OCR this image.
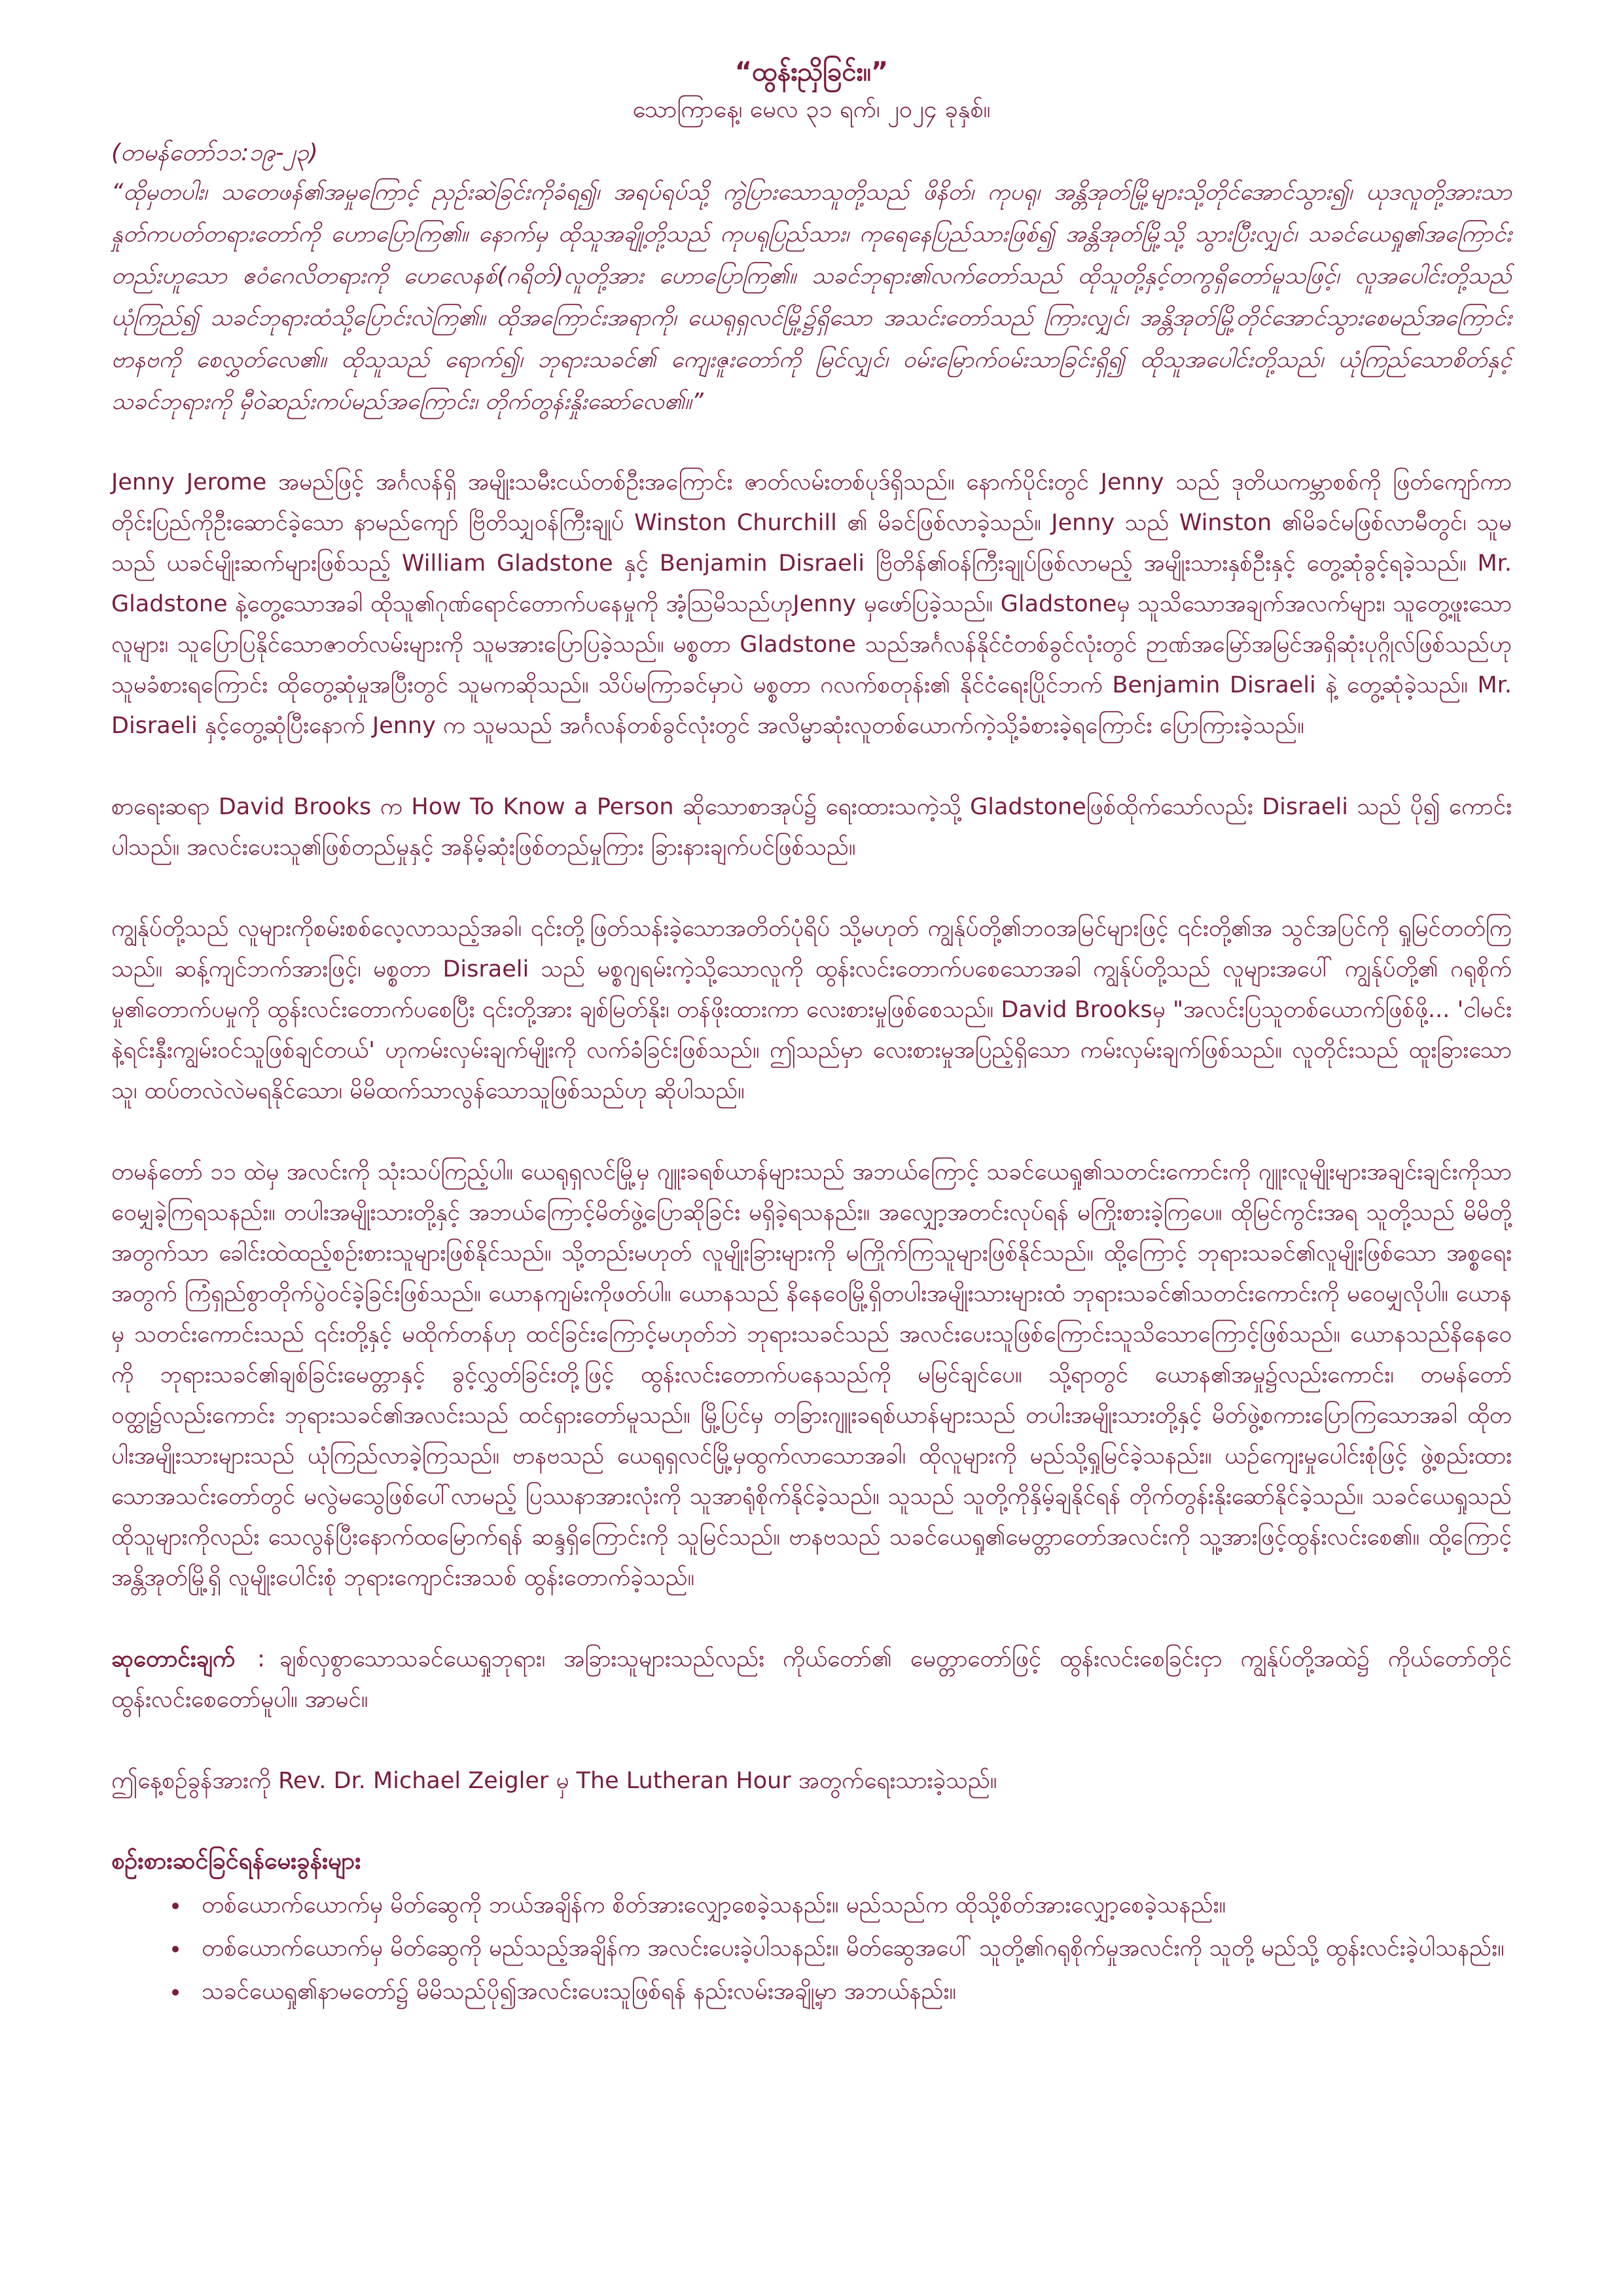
“ထွန်းညှိခြင်း။”

သောကြာနေ့၊ မေလ ၃၁ ရက်၊ ၂၀၂၄ ခုနှစ်။

(တမန်တော်၁၁:၁၉-၂၃)

“ထိုမှတပါး၊ သတေဖန်၏အမှုကြောင့် ညှဉ်းဆဲခြင်းကိုခံရ၍၊ အရပ်ရပ်သို့ ကွဲပြားသောသူတို့သည် ဖိနိတ်၊ ကုပရု၊ အန္တိအုတ်မြို့များသို့တိုင်အောင်သွား၍၊ ယုဒလူတို့အားသာ နှုတ်ကပတ်တရားတော်ကို ဟောပြောကြ၏။ နောက်မှ ထိုသူအချို့တို့သည် ကုပရုပြည်သား၊ ကုရေနေပြည်သားဖြစ်၍ အန္တိအုတ်မြို့သို့ သွားပြီးလျှင်၊ သခင်ယေရှု၏အကြောင်းတည်းဟူသော ဧဝံဂေလိတရားကို ဟေလေနစ်(ဂရိတ်)လူတို့အား ဟောပြောကြ၏။ သခင်ဘုရား၏လက်တော်သည် ထိုသူတို့နှင့်တကွရှိတော်မူသဖြင့်၊ လူအပေါင်းတို့သည်ယုံကြည်၍ သခင်ဘုရားထံသို့ပြောင်းလဲကြ၏။ ထိုအကြောင်းအရာကို၊ ယေရုရှလင်မြို့၌ရှိသော အသင်းတော်သည် ကြားလျှင်၊ အန္တိအုတ်မြို့တိုင်အောင်သွားစေမည်အကြောင်း ဗာနဗကို စေလွှတ်လေ၏။ ထိုသူသည် ရောက်၍၊ ဘုရားသခင်၏ ကျေးဇူးတော်ကို မြင်လျှင်၊ ဝမ်းမြောက်ဝမ်းသာခြင်းရှိ၍ ထိုသူအပေါင်းတို့သည်၊ ယုံကြည်သောစိတ်နှင့် သခင်ဘုရားကို မှီဝဲဆည်းကပ်မည်အကြောင်း၊ တိုက်တွန်းနှိုးဆော်လေ၏။”

Jenny Jerome အမည်ဖြင့် အင်္ဂလန်ရှိ အမျိုးသမီးငယ်တစ်ဦးအကြောင်း ဇာတ်လမ်းတစ်ပုဒ်ရှိသည်။ နောက်ပိုင်းတွင် Jenny သည် ဒုတိယကမ္ဘာစစ်ကို ဖြတ်ကျော်ကာ တိုင်းပြည်ကိုဦးဆောင်ခဲ့သော နာမည်ကျော် ဗြိတိသျှဝန်ကြီးချုပ် Winston Churchill ၏ မိခင်ဖြစ်လာခဲ့သည်။ Jenny သည် Winston ၏မိခင်မဖြစ်လာမီတွင်၊ သူမသည် ယခင်မျိုးဆက်များဖြစ်သည့် William Gladstone နှင့် Benjamin Disraeli ဗြိတိန်၏ဝန်ကြီးချုပ်ဖြစ်လာမည့် အမျိုးသားနှစ်ဦးနှင့် တွေ့ဆုံခွင့်ရခဲ့သည်။ Mr. Gladstone နဲ့တွေ့သောအခါ ထိုသူ၏ဂုဏ်ရောင်တောက်ပနေမှုကို အံ့သြမိသည်ဟုJenny မှဖော်ပြခဲ့သည်။ Gladstoneမှ သူသိသောအချက်အလက်များ၊ သူတွေ့ဖူးသောလူများ၊ သူပြောပြနိုင်သောဇာတ်လမ်းများကို သူမအားပြောပြခဲ့သည်။ မစ္စတာ Gladstone သည်အင်္ဂလန်နိုင်ငံတစ်ခွင်လုံးတွင် ဉာဏ်အမြော်အမြင်အရှိဆုံးပုဂ္ဂိုလ်ဖြစ်သည်ဟုသူမခံစားရကြောင်း ထိုတွေ့ဆုံမှုအပြီးတွင် သူမကဆိုသည်။ သိပ်မကြာခင်မှာပဲ မစ္စတာ ဂလက်စတုန်း၏ နိုင်ငံရေးပြိုင်ဘက် Benjamin Disraeli နဲ့ တွေ့ဆုံခဲ့သည်။ Mr. Disraeli နှင့်တွေ့ဆုံပြီးနောက် Jenny က သူမသည် အင်္ဂလန်တစ်ခွင်လုံးတွင် အလိမ္မာဆုံးလူတစ်ယောက်ကဲ့သို့ခံစားခဲ့ရကြောင်း ပြောကြားခဲ့သည်။

စာရေးဆရာ David Brooks က How To Know a Person ဆိုသောစာအုပ်၌ ရေးထားသကဲ့သို့ Gladstoneဖြစ်ထိုက်သော်လည်း Disraeli သည် ပို၍ ကောင်းပါသည်။ အလင်းပေးသူ၏ဖြစ်တည်မှုနှင့် အနိမ့်ဆုံးဖြစ်တည်မှုကြား ခြားနားချက်ပင်ဖြစ်သည်။

ကျွန်ုပ်တို့သည် လူများကိုစမ်းစစ်လေ့လာသည့်အခါ၊ ၎င်းတို့ဖြတ်သန်းခဲ့သောအတိတ်ပုံရိပ် သို့မဟုတ် ကျွန်ုပ်တို့၏ဘဝအမြင်များဖြင့် ၎င်းတို့၏အ သွင်အပြင်ကို ရှုမြင်တတ်ကြသည်။ ဆန့်ကျင်ဘက်အားဖြင့်၊ မစ္စတာ Disraeli သည် မစ္စဂျရမ်းကဲ့သို့သောလူကို ထွန်းလင်းတောက်ပစေသောအခါ ကျွန်ုပ်တို့သည် လူများအပေါ် ကျွန်ုပ်တို့၏ ဂရုစိုက်မှု၏တောက်ပမှုကို ထွန်းလင်းတောက်ပစေပြီး ၎င်းတို့အား ချစ်မြတ်နိုး၊ တန်ဖိုးထားကာ လေးစားမှုဖြစ်စေသည်။ David Brooksမှ "အလင်းပြသူတစ်ယောက်ဖြစ်ဖို့... 'ငါမင်းနဲ့ရင်းနှီးကျွမ်းဝင်သူဖြစ်ချင်တယ်' ဟုကမ်းလှမ်းချက်မျိုးကို လက်ခံခြင်းဖြစ်သည်။ ဤသည်မှာ လေးစားမှုအပြည့်ရှိသော ကမ်းလှမ်းချက်ဖြစ်သည်။ လူတိုင်းသည် ထူးခြားသောသူ၊ ထပ်တလဲလဲမရနိုင်သော၊ မိမိထက်သာလွန်သောသူဖြစ်သည်ဟု ဆိုပါသည်။

တမန်တော် ၁၁ ထဲမှ အလင်းကို သုံးသပ်ကြည့်ပါ။ ယေရုရှလင်မြို့မှ ဂျူးခရစ်ယာန်များသည် အဘယ်ကြောင့် သခင်ယေရှု၏သတင်းကောင်းကို ဂျူးလူမျိုးများအချင်းချင်းကိုသာ ဝေမျှခဲ့ကြရသနည်း။ တပါးအမျိုးသားတို့နှင့် အဘယ်ကြောင့်မိတ်ဖွဲ့ပြောဆိုခြင်း မရှိခဲ့ရသနည်း။ အလျှော့အတင်းလုပ်ရန် မကြိုးစားခဲ့ကြပေ။ ထိုမြင်ကွင်းအရ သူတို့သည် မိမိတို့အတွက်သာ ခေါင်းထဲထည့်စဉ်းစားသူများဖြစ်နိုင်သည်။ သို့တည်းမဟုတ် လူမျိုးခြားများကို မကြိုက်ကြသူများဖြစ်နိုင်သည်။ ထို့ကြောင့် ဘုရားသခင်၏လူမျိုးဖြစ်သော အစ္စရေးအတွက် ကြံရှည်စွာတိုက်ပွဲဝင်ခဲ့ခြင်းဖြစ်သည်။ ယောနကျမ်းကိုဖတ်ပါ။ ယောနသည် နိနေဝေမြို့ရှိတပါးအမျိုးသားများထံ ဘုရားသခင်၏သတင်းကောင်းကို မဝေမျှလိုပါ။ ယောနမှ သတင်းကောင်းသည် ၎င်းတို့နှင့် မထိုက်တန်ဟု ထင်ခြင်းကြောင့်မဟုတ်ဘဲ ဘုရားသခင်သည် အလင်းပေးသူဖြစ်ကြောင်းသူသိသောကြောင့်ဖြစ်သည်။ ယောနသည်နိနေဝေကို ဘုရားသခင်၏ချစ်ခြင်းမေတ္တာနှင့် ခွင့်လွှတ်ခြင်းတို့ဖြင့် ထွန်းလင်းတောက်ပနေသည်ကို မမြင်ချင်ပေ။ သို့ရာတွင် ယောန၏အမှု၌လည်းကောင်း၊ တမန်တော်ဝတ္ထု၌လည်းကောင်း ဘုရားသခင်၏အလင်းသည် ထင်ရှားတော်မူသည်။ မြို့ပြင်မှ တခြားဂျူးခရစ်ယာန်များသည် တပါးအမျိုးသားတို့နှင့် မိတ်ဖွဲ့စကားပြောကြသောအခါ ထိုတပါးအမျိုးသားများသည် ယုံကြည်လာခဲ့ကြသည်။ ဗာနဗသည် ယေရုရှလင်မြို့မှထွက်လာသောအခါ၊ ထိုလူများကို မည်သို့ရှုမြင်ခဲ့သနည်း။ ယဉ်ကျေးမှုပေါင်းစုံဖြင့် ဖွဲ့စည်းထားသောအသင်းတော်တွင် မလွဲမသွေဖြစ်ပေါ်လာမည့် ပြဿနာအားလုံးကို သူအာရုံစိုက်နိုင်ခဲ့သည်။ သူသည် သူတို့ကိုနှိမ့်ချနိုင်ရန် တိုက်တွန်းနိုးဆော်နိုင်ခဲ့သည်။ သခင်ယေရှုသည် ထိုသူများကိုလည်း သေလွန်ပြီးနောက်ထမြောက်ရန် ဆန္ဒရှိကြောင်းကို သူမြင်သည်။ ဗာနဗသည် သခင်ယေရှု၏မေတ္တာတော်အလင်းကို သူ့အားဖြင့်ထွန်းလင်းစေ၏။ ထို့ကြောင့်အန္တိအုတ်မြို့ရှိ လူမျိုးပေါင်းစုံ ဘုရားကျောင်းအသစ် ထွန်းတောက်ခဲ့သည်။

ဆုတောင်းချက် : ချစ်လှစွာသောသခင်ယေရှုဘုရား၊ အခြားသူများသည်လည်း ကိုယ်တော်၏ မေတ္တာတော်ဖြင့် ထွန်းလင်းစေခြင်းငှာ ကျွန်ုပ်တို့အထဲ၌ ကိုယ်တော်တိုင်ထွန်းလင်းစေတော်မူပါ။ အာမင်။

ဤနေ့စဉ်ခွန်အားကို Rev. Dr. Michael Zeigler မှ The Lutheran Hour အတွက်ရေးသားခဲ့သည်။

စဉ်းစားဆင်ခြင်ရန်မေးခွန်းများ
• တစ်ယောက်ယောက်မှ မိတ်ဆွေကို ဘယ်အချိန်က စိတ်အားလျှော့စေခဲ့သနည်း။ မည်သည်က ထိုသို့စိတ်အားလျှော့စေခဲ့သနည်း။
• တစ်ယောက်ယောက်မှ မိတ်ဆွေကို မည်သည့်အချိန်က အလင်းပေးခဲ့ပါသနည်း။ မိတ်ဆွေအပေါ် သူတို့၏ဂရုစိုက်မှုအလင်းကို သူတို့ မည်သို့ ထွန်းလင်းခဲ့ပါသနည်း။
• သခင်ယေရှု၏နာမတော်၌ မိမိသည်ပို၍အလင်းပေးသူဖြစ်ရန် နည်းလမ်းအချို့မှာ အဘယ်နည်း။
